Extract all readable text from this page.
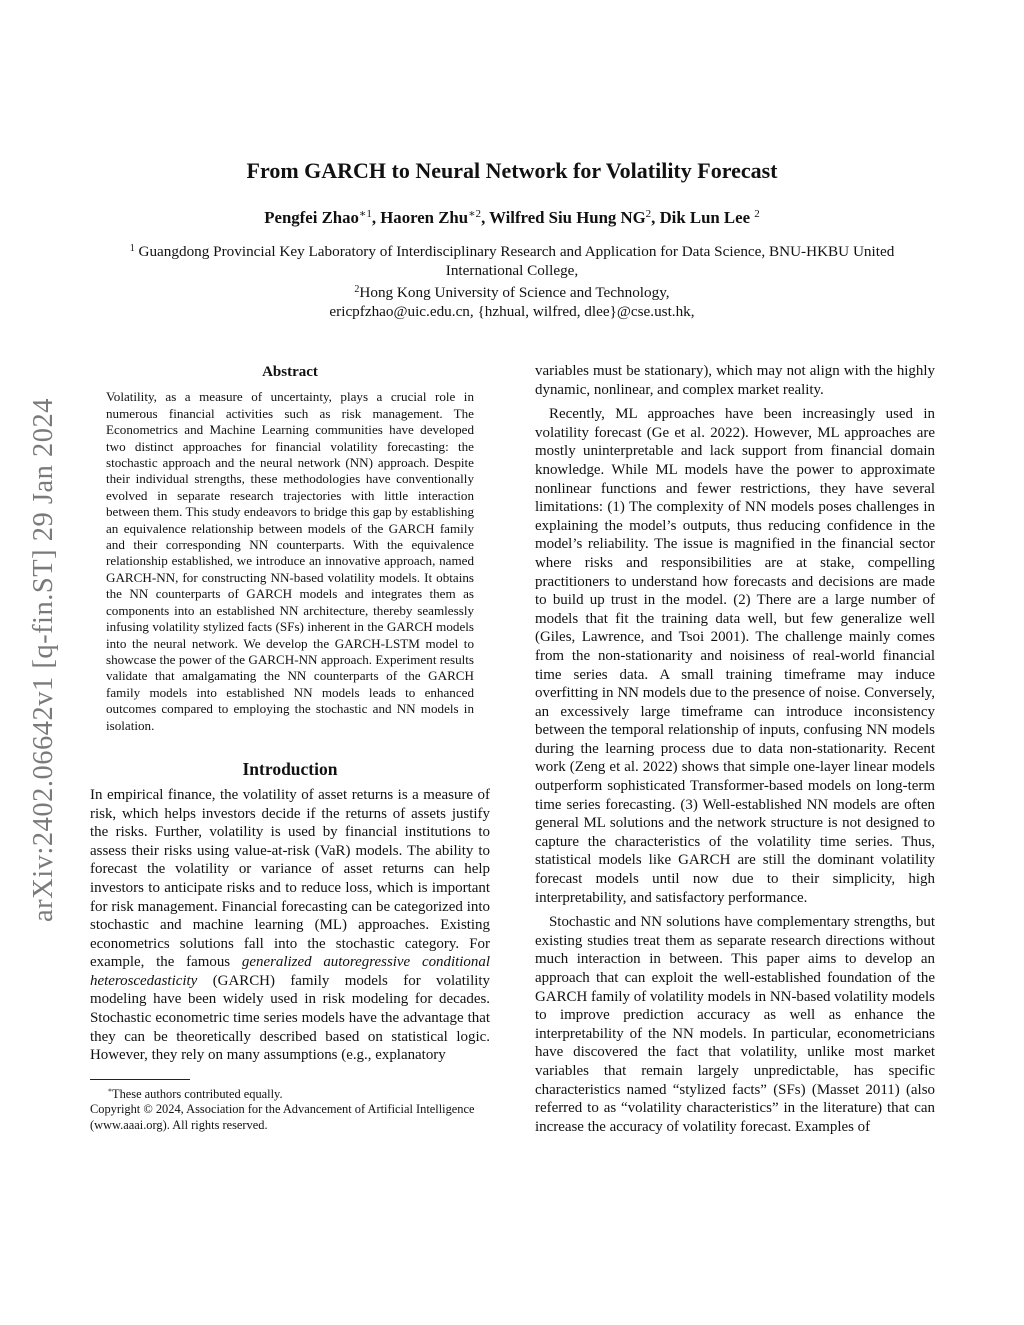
arXiv:2402.06642v1 [q-fin.ST] 29 Jan 2024
From GARCH to Neural Network for Volatility Forecast
Pengfei Zhao$^{∗1}$, Haoren Zhu$^{∗2}$, Wilfred Siu Hung $NG^2$, Dik Lun Lee $^2$
$^1$ Guangdong Provincial Key Laboratory of Interdisciplinary Research and Application for Data Science, BNU-HKBU United International College,
$^2$Hong Kong University of Science and Technology,
ericpfzhao@uic.edu.cn, {hzhual, wilfred, dlee}@cse.ust.hk,
Abstract
Volatility, as a measure of uncertainty, plays a crucial role in numerous financial activities such as risk management. The Econometrics and Machine Learning communities have developed two distinct approaches for financial volatility forecasting: the stochastic approach and the neural network (NN) approach. Despite their individual strengths, these methodologies have conventionally evolved in separate research trajectories with little interaction between them. This study endeavors to bridge this gap by establishing an equivalence relationship between models of the GARCH family and their corresponding NN counterparts. With the equivalence relationship established, we introduce an innovative approach, named GARCH-NN, for constructing NN-based volatility models. It obtains the NN counterparts of GARCH models and integrates them as components into an established NN architecture, thereby seamlessly infusing volatility stylized facts (SFs) inherent in the GARCH models into the neural network. We develop the GARCH-LSTM model to showcase the power of the GARCH-NN approach. Experiment results validate that amalgamating the NN counterparts of the GARCH family models into established NN models leads to enhanced outcomes compared to employing the stochastic and NN models in isolation.
Introduction

In empirical finance, the volatility of asset returns is a measure of risk, which helps investors decide if the returns of assets justify the risks. Further, volatility is used by financial institutions to assess their risks using value-at-risk (VaR) models. The ability to forecast the volatility or variance of asset returns can help investors to anticipate risks and to reduce loss, which is important for risk management. Financial forecasting can be categorized into stochastic and machine learning (ML) approaches. Existing econometrics solutions fall into the stochastic category. For example, the famous generalized autoregressive conditional heteroscedasticity (GARCH) family models for volatility modeling have been widely used in risk modeling for decades. Stochastic econometric time series models have the advantage that they can be theoretically described based on statistical logic. However, they rely on many assumptions (e.g., explanatory

*These authors contributed equally.

Copyright © 2024, Association for the Advancement of Artificial Intelligence (www.aaai.org). All rights reserved.

variables must be stationary), which may not align with the highly dynamic, nonlinear, and complex market reality.

Recently, ML approaches have been increasingly used in volatility forecast (Ge et al. 2022). However, ML approaches are mostly uninterpretable and lack support from financial domain knowledge. While ML models have the power to approximate nonlinear functions and fewer restrictions, they have several limitations: (1) The complexity of NN models poses challenges in explaining the model’s outputs, thus reducing confidence in the model’s reliability. The issue is magnified in the financial sector where risks and responsibilities are at stake, compelling practitioners to understand how forecasts and decisions are made to build up trust in the model. (2) There are a large number of models that fit the training data well, but few generalize well (Giles, Lawrence, and Tsoi 2001). The challenge mainly comes from the non-stationarity and noisiness of real-world financial time series data. A small training timeframe may induce overfitting in NN models due to the presence of noise. Conversely, an excessively large timeframe can introduce inconsistency between the temporal relationship of inputs, confusing NN models during the learning process due to data non-stationarity. Recent work (Zeng et al. 2022) shows that simple one-layer linear models outperform sophisticated Transformer-based models on long-term time series forecasting. (3) Well-established NN models are often general ML solutions and the network structure is not designed to capture the characteristics of the volatility time series. Thus, statistical models like GARCH are still the dominant volatility forecast models until now due to their simplicity, high interpretability, and satisfactory performance.

Stochastic and NN solutions have complementary strengths, but existing studies treat them as separate research directions without much interaction in between. This paper aims to develop an approach that can exploit the well-established foundation of the GARCH family of volatility models in NN-based volatility models to improve prediction accuracy as well as enhance the interpretability of the NN models. In particular, econometricians have discovered the fact that volatility, unlike most market variables that remain largely unpredictable, has specific characteristics named “stylized facts” (SFs) (Masset 2011) (also referred to as “volatility characteristics” in the literature) that can increase the accuracy of volatility forecast. Examples of
